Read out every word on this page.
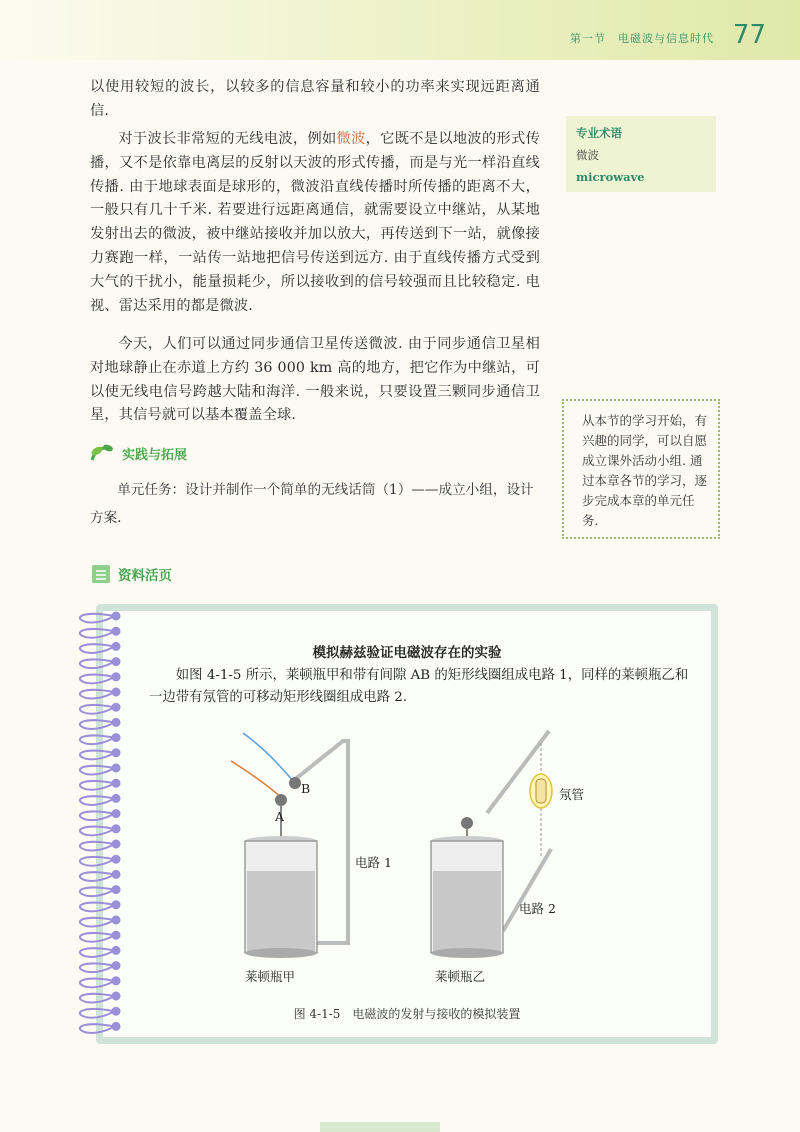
第一节　电磁波与信息时代 77
以使用较短的波长，以较多的信息容量和较小的功率来实现远距离通信.
对于波长非常短的无线电波，例如微波，它既不是以地波的形式传播，又不是依靠电离层的反射以天波的形式传播，而是与光一样沿直线传播. 由于地球表面是球形的，微波沿直线传播时所传播的距离不大，一般只有几十千米. 若要进行远距离通信，就需要设立中继站，从某地发射出去的微波，被中继站接收并加以放大，再传送到下一站，就像接力赛跑一样，一站传一站地把信号传送到远方. 由于直线传播方式受到大气的干扰小，能量损耗少，所以接收到的信号较强而且比较稳定. 电视、雷达采用的都是微波.
今天，人们可以通过同步通信卫星传送微波. 由于同步通信卫星相对地球静止在赤道上方约 36 000 km 高的地方，把它作为中继站，可以使无线电信号跨越大陆和海洋. 一般来说，只要设置三颗同步通信卫星，其信号就可以基本覆盖全球.
专业术语
微波
microwave
从本节的学习开始，有兴趣的同学，可以自愿成立课外活动小组. 通过本章各节的学习，逐步完成本章的单元任务.
实践与拓展
单元任务：设计并制作一个简单的无线话筒（1）——成立小组，设计方案.
资料活页
模拟赫兹验证电磁波存在的实验
如图 4-1-5 所示，莱顿瓶甲和带有间隙 AB 的矩形线圈组成电路 1，同样的莱顿瓶乙和一边带有氖管的可移动矩形线圈组成电路 2.
A
B
电路 1
电路 2
氖管
莱顿瓶甲	莱顿瓶乙
图 4-1-5　电磁波的发射与接收的模拟装置
